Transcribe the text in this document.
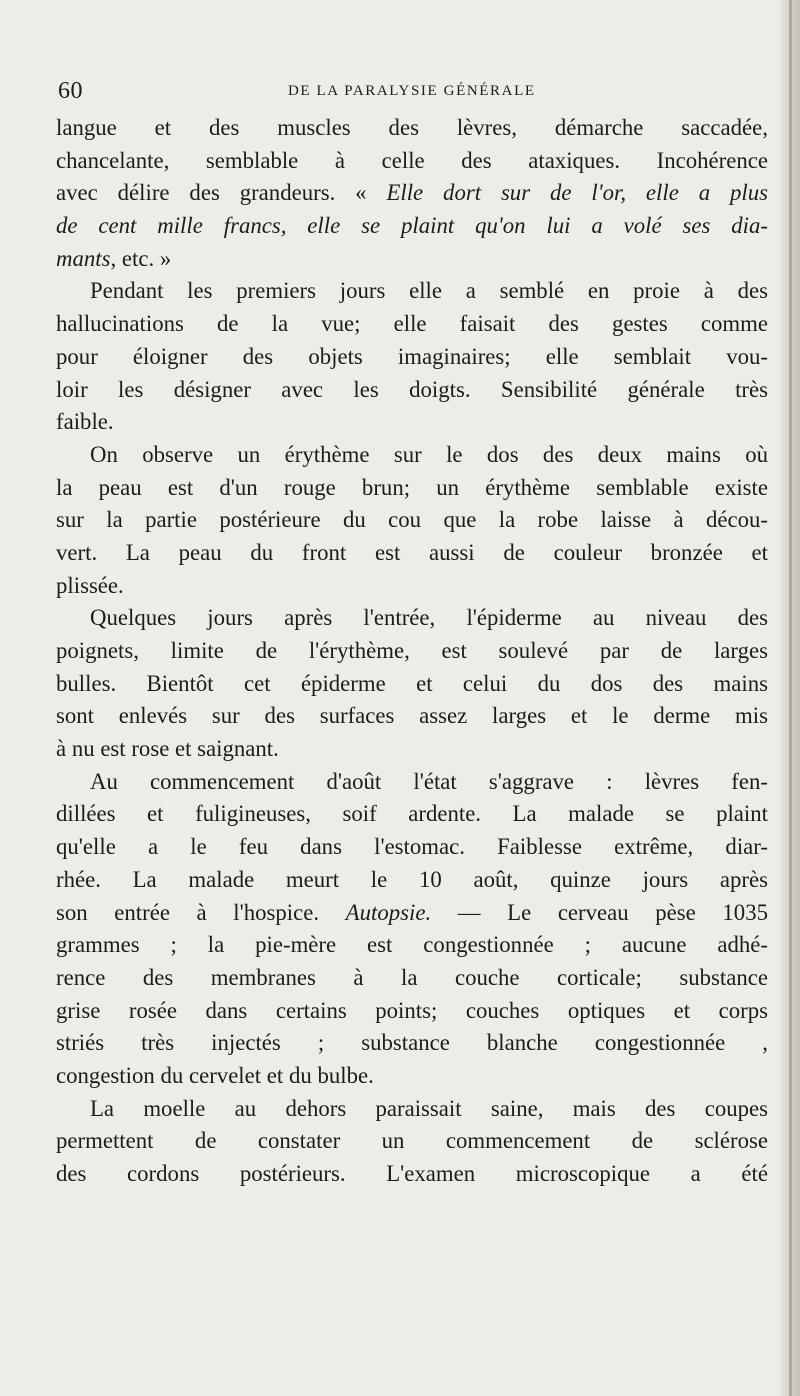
60	DE LA PARALYSIE GÉNÉRALE
langue et des muscles des lèvres, démarche saccadée,
chancelante, semblable à celle des ataxiques. Incohérence
avec délire des grandeurs. « Elle dort sur de l'or, elle a plus
de cent mille francs, elle se plaint qu'on lui a volé ses dia-
mants, etc. »
Pendant les premiers jours elle a semblé en proie à des
hallucinations de la vue; elle faisait des gestes comme
pour éloigner des objets imaginaires; elle semblait vou-
loir les désigner avec les doigts. Sensibilité générale très
faible.
On observe un érythème sur le dos des deux mains où
la peau est d'un rouge brun; un érythème semblable existe
sur la partie postérieure du cou que la robe laisse à décou-
vert. La peau du front est aussi de couleur bronzée et
plissée.
Quelques jours après l'entrée, l'épiderme au niveau des
poignets, limite de l'érythème, est soulevé par de larges
bulles. Bientôt cet épiderme et celui du dos des mains
sont enlevés sur des surfaces assez larges et le derme mis
à nu est rose et saignant.
Au commencement d'août l'état s'aggrave : lèvres fen-
dillées et fuligineuses, soif ardente. La malade se plaint
qu'elle a le feu dans l'estomac. Faiblesse extrême, diar-
rhée. La malade meurt le 10 août, quinze jours après
son entrée à l'hospice. Autopsie. — Le cerveau pèse 1035
grammes ; la pie-mère est congestionnée ; aucune adhé-
rence des membranes à la couche corticale; substance
grise rosée dans certains points; couches optiques et corps
striés très injectés ; substance blanche congestionnée ,
congestion du cervelet et du bulbe.
La moelle au dehors paraissait saine, mais des coupes
permettent de constater un commencement de sclérose
des cordons postérieurs. L'examen microscopique a été
